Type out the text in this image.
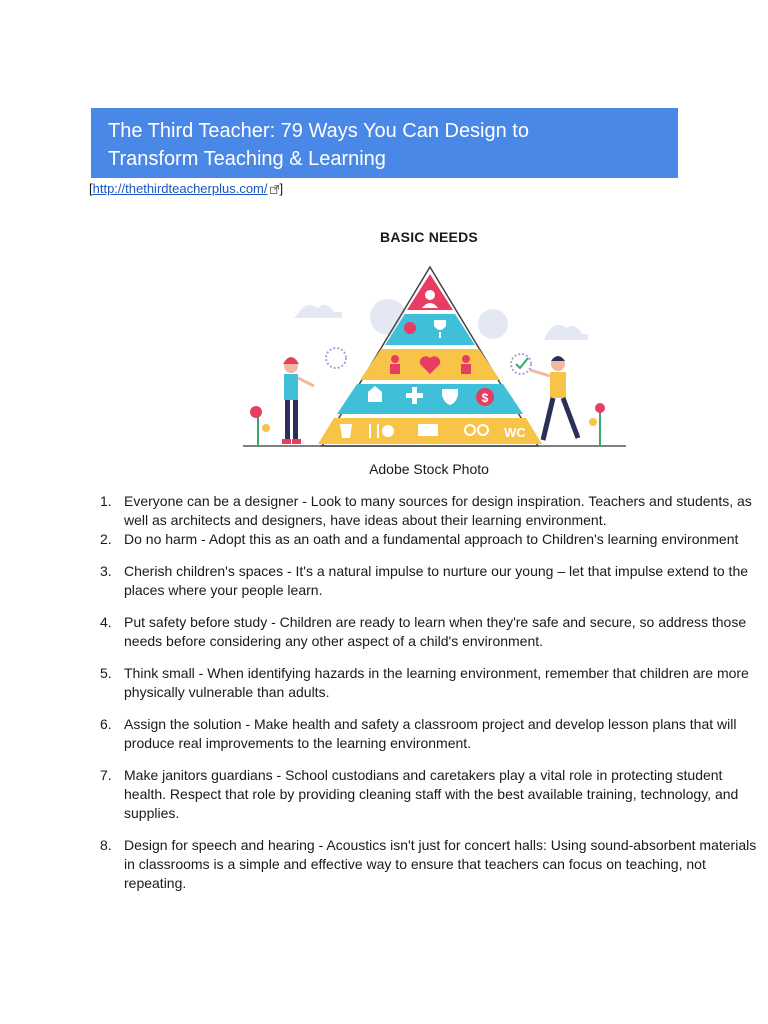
The Third Teacher: 79 Ways You Can Design to
Transform Teaching & Learning
[http://thethirdteacherplus.com/ ]
BASIC NEEDS
$
WC
Adobe Stock Photo
1. Everyone can be a designer - Look to many sources for design inspiration. Teachers and students, as well as architects and designers, have ideas about their learning environment.
2. Do no harm - Adopt this as an oath and a fundamental approach to Children's learning environment
3. Cherish children's spaces - It's a natural impulse to nurture our young – let that impulse extend to the places where your people learn.
4. Put safety before study - Children are ready to learn when they're safe and secure, so address those needs before considering any other aspect of a child's environment.
5. Think small - When identifying hazards in the learning environment, remember that children are more physically vulnerable than adults.
6. Assign the solution - Make health and safety a classroom project and develop lesson plans that will produce real improvements to the learning environment.
7. Make janitors guardians - School custodians and caretakers play a vital role in protecting student health. Respect that role by providing cleaning staff with the best available training, technology, and supplies.
8. Design for speech and hearing - Acoustics isn't just for concert halls: Using sound-absorbent materials in classrooms is a simple and effective way to ensure that teachers can focus on teaching, not repeating.
